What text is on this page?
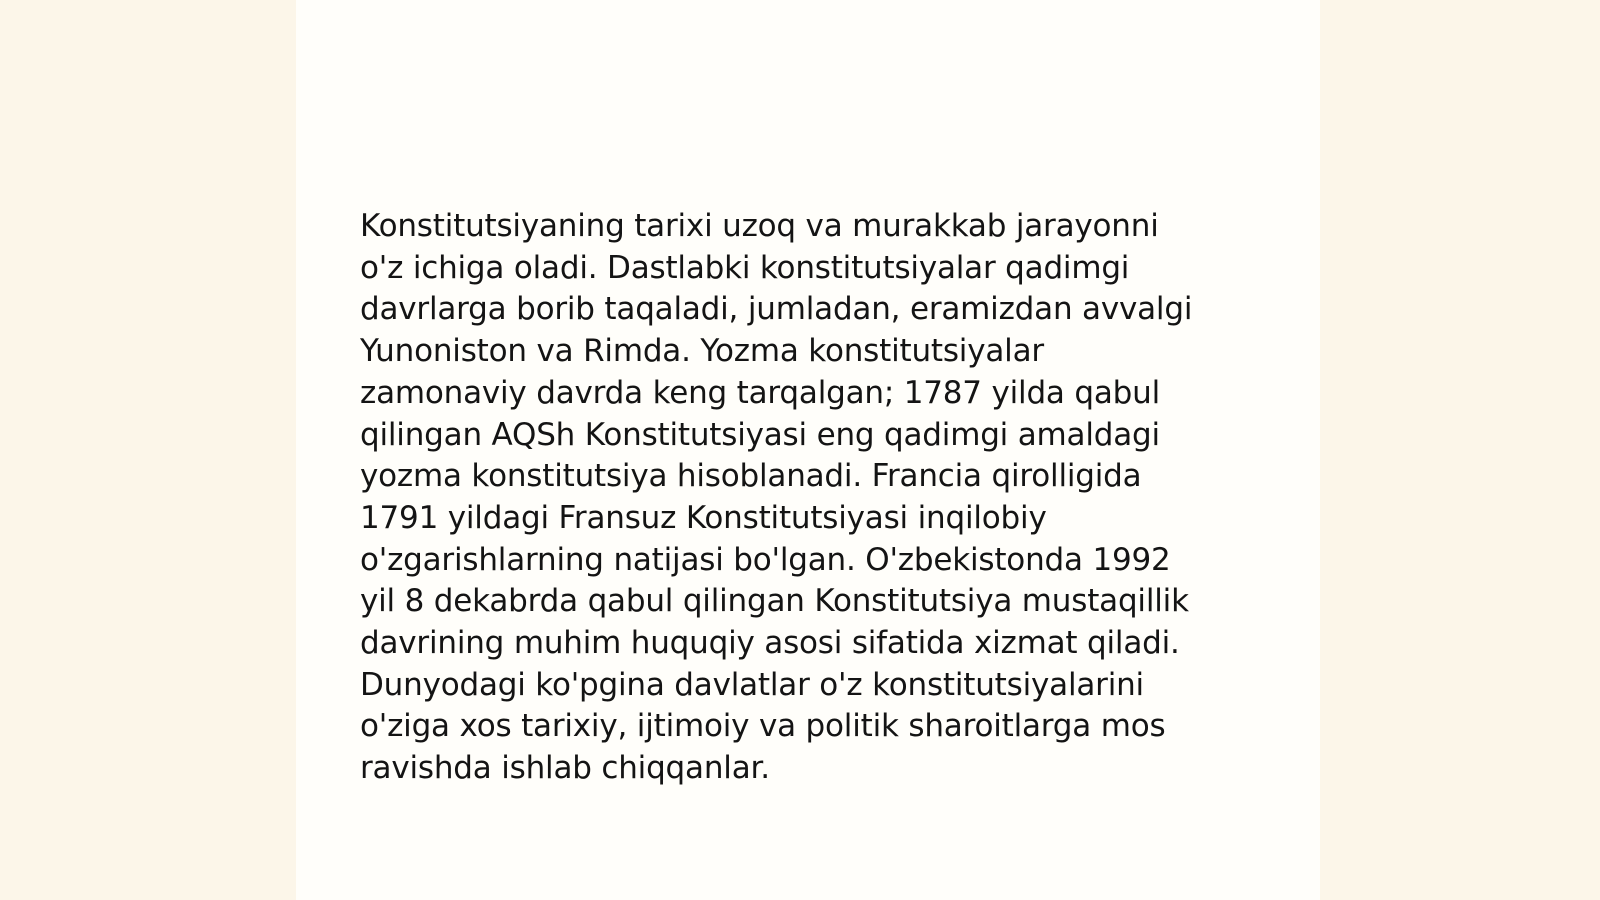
Konstitutsiyaning tarixi uzoq va murakkab jarayonni
o'z ichiga oladi. Dastlabki konstitutsiyalar qadimgi
davrlarga borib taqaladi, jumladan, eramizdan avvalgi
Yunoniston va Rimda. Yozma konstitutsiyalar
zamonaviy davrda keng tarqalgan; 1787 yilda qabul
qilingan AQSh Konstitutsiyasi eng qadimgi amaldagi
yozma konstitutsiya hisoblanadi. Francia qirolligida
1791 yildagi Fransuz Konstitutsiyasi inqilobiy
o'zgarishlarning natijasi bo'lgan. O'zbekistonda 1992
yil 8 dekabrda qabul qilingan Konstitutsiya mustaqillik
davrining muhim huquqiy asosi sifatida xizmat qiladi.
Dunyodagi ko'pgina davlatlar o'z konstitutsiyalarini
o'ziga xos tarixiy, ijtimoiy va politik sharoitlarga mos
ravishda ishlab chiqqanlar.
